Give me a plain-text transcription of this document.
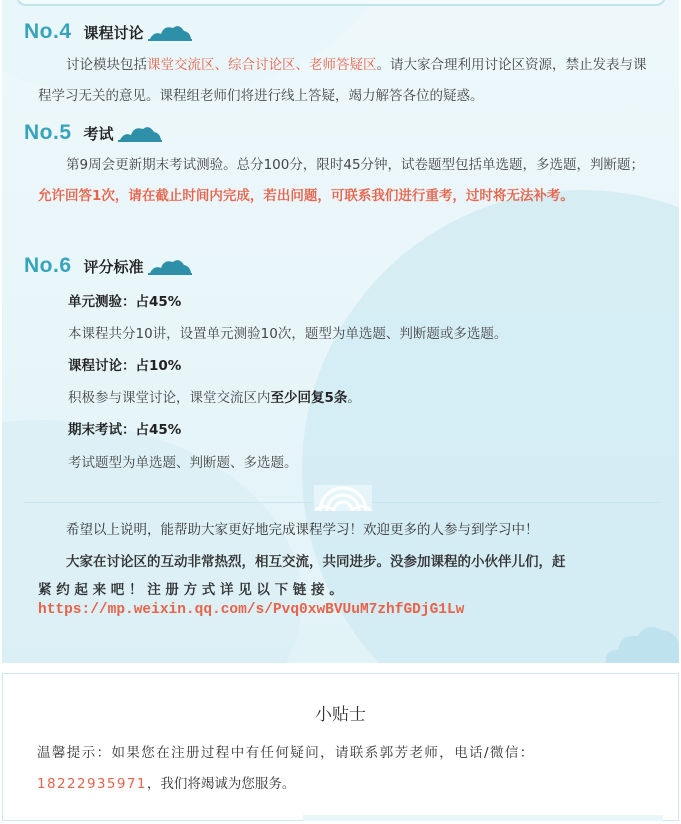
No.4 课程讨论
讨论模块包括课堂交流区、综合讨论区、老师答疑区。请大家合理利用讨论区资源，禁止发表与课程学习无关的意见。课程组老师们将进行线上答疑，竭力解答各位的疑惑。
No.5 考试
第9周会更新期末考试测验。总分100分，限时45分钟，试卷题型包括单选题，多选题，判断题；允许回答1次，请在截止时间内完成，若出问题，可联系我们进行重考，过时将无法补考。
No.6 评分标准
单元测验：占45%
本课程共分10讲，设置单元测验10次，题型为单选题、判断题或多选题。
课程讨论：占10%
积极参与课堂讨论，课堂交流区内至少回复5条。
期末考试：占45%
考试题型为单选题、判断题、多选题。
希望以上说明，能帮助大家更好地完成课程学习！欢迎更多的人参与到学习中！
大家在讨论区的互动非常热烈，相互交流，共同进步。没参加课程的小伙伴儿们，赶
紧 约 起 来 吧 ！ 注 册 方 式 详 见 以 下 链 接 。
https://mp.weixin.qq.com/s/Pvq0xwBVUuM7zhfGDjG1Lw
小贴士
温馨提示：如果您在注册过程中有任何疑问，请联系郭芳老师，电话/微信：
18222935971，我们将竭诚为您服务。
